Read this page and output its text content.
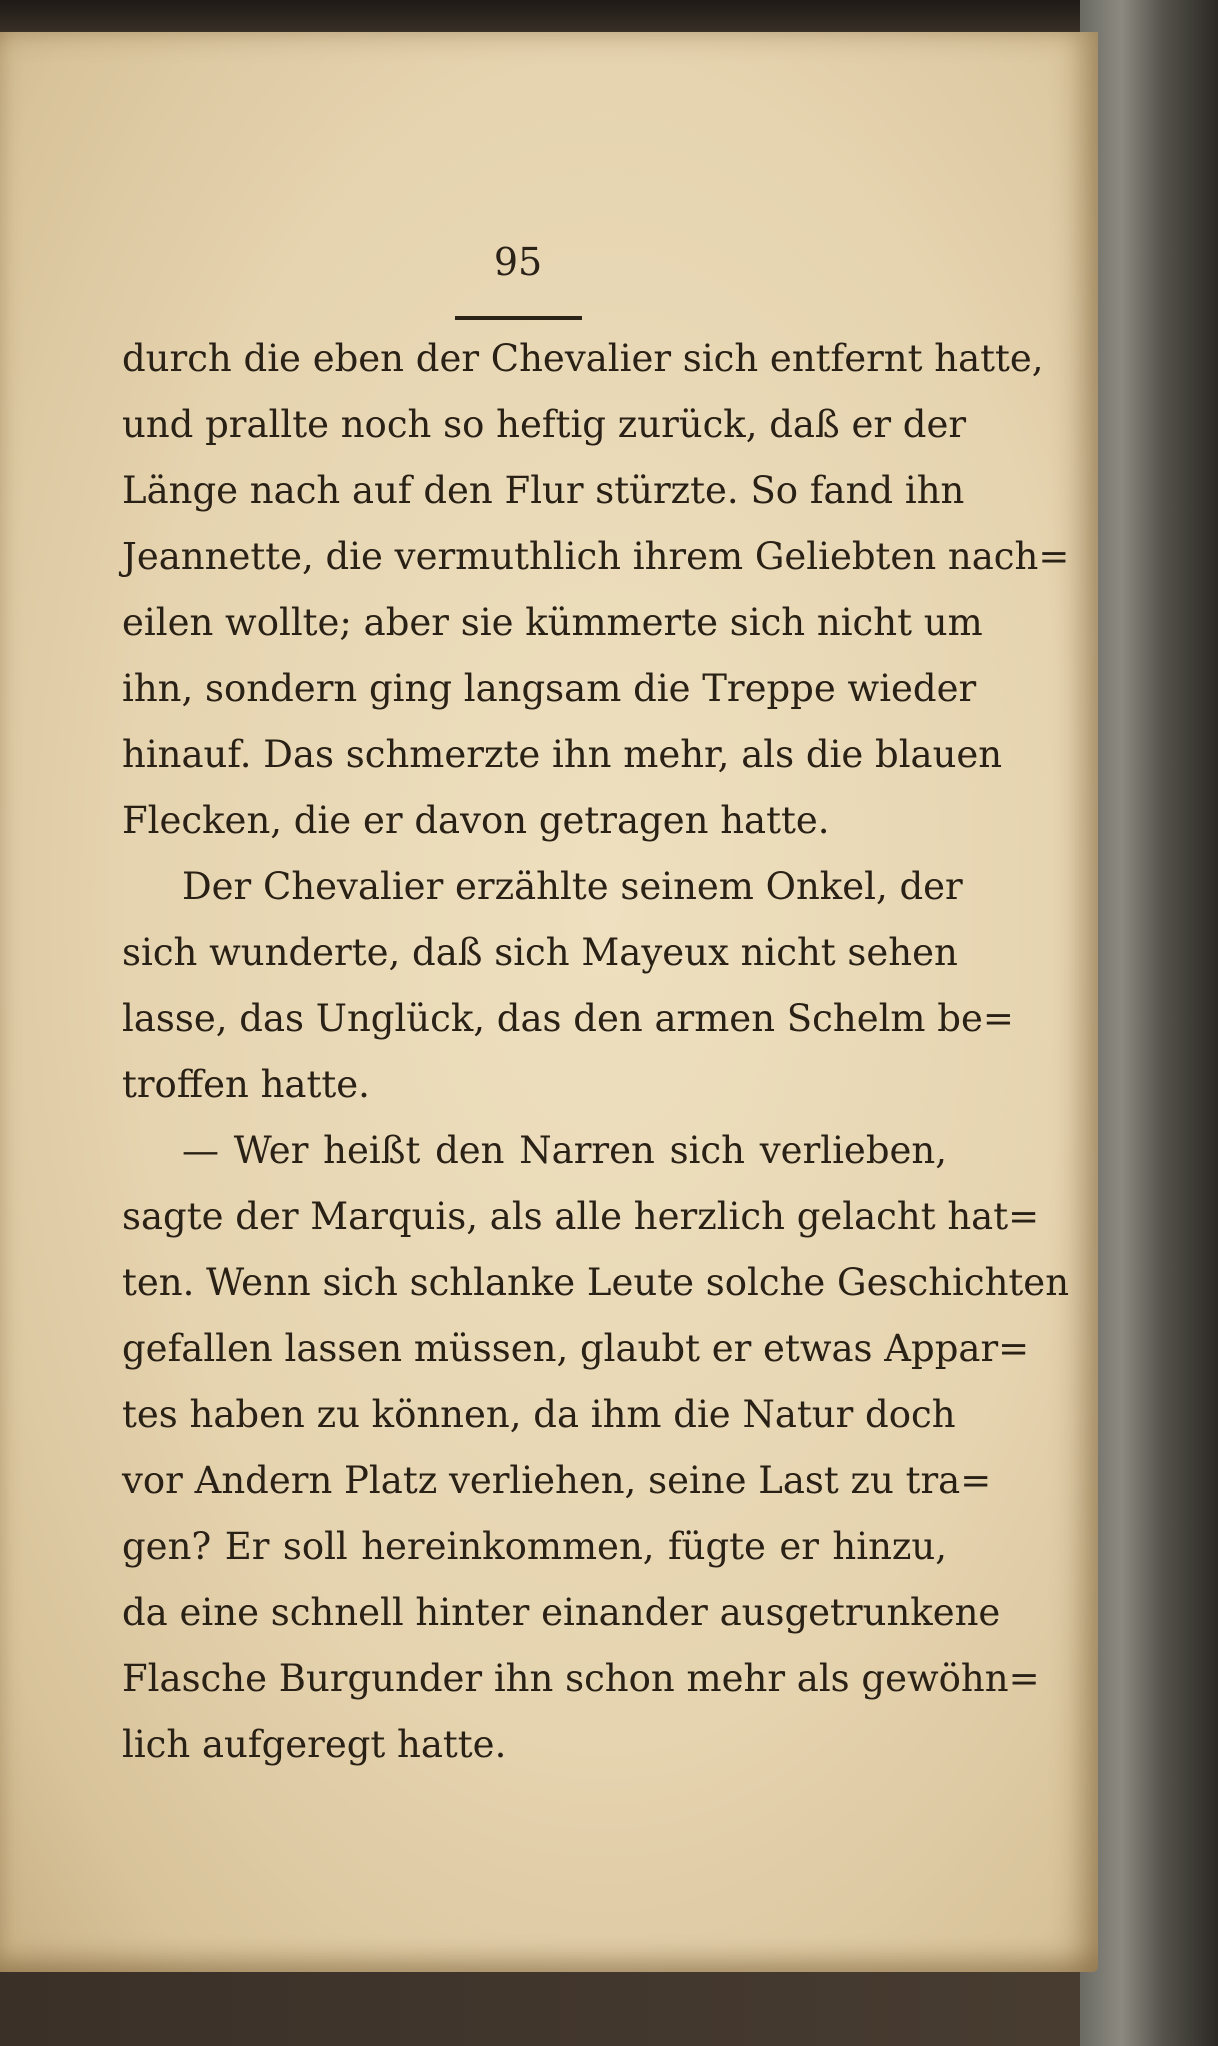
95
durch die eben der Chevalier sich entfernt hatte,
und prallte noch so heftig zurück, daß er der
Länge nach auf den Flur stürzte. So fand ihn
Jeannette, die vermuthlich ihrem Geliebten nach=
eilen wollte; aber sie kümmerte sich nicht um
ihn, sondern ging langsam die Treppe wieder
hinauf. Das schmerzte ihn mehr, als die blauen
Flecken, die er davon getragen hatte.
Der Chevalier erzählte seinem Onkel, der
sich wunderte, daß sich Mayeux nicht sehen
lasse, das Unglück, das den armen Schelm be=
troffen hatte.
— Wer heißt den Narren sich verlieben,
sagte der Marquis, als alle herzlich gelacht hat=
ten. Wenn sich schlanke Leute solche Geschichten
gefallen lassen müssen, glaubt er etwas Appar=
tes haben zu können, da ihm die Natur doch
vor Andern Platz verliehen, seine Last zu tra=
gen? Er soll hereinkommen, fügte er hinzu,
da eine schnell hinter einander ausgetrunkene
Flasche Burgunder ihn schon mehr als gewöhn=
lich aufgeregt hatte.
